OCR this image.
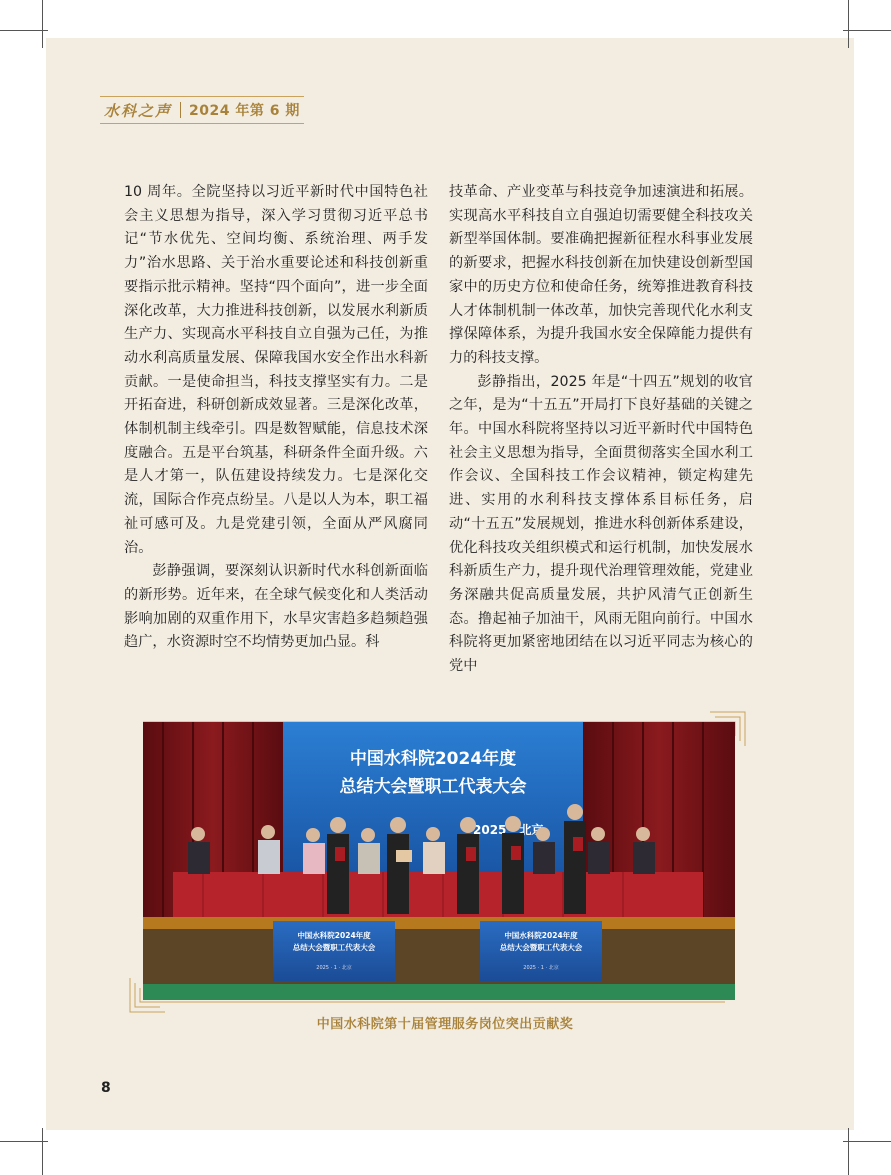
水科之声 2024 年第 6 期

10 周年。全院坚持以习近平新时代中国特色社会主义思想为指导，深入学习贯彻习近平总书记“节水优先、空间均衡、系统治理、两手发力”治水思路、关于治水重要论述和科技创新重要指示批示精神。坚持“四个面向”，进一步全面深化改革，大力推进科技创新，以发展水利新质生产力、实现高水平科技自立自强为己任，为推动水利高质量发展、保障我国水安全作出水科新贡献。一是使命担当，科技支撑坚实有力。二是开拓奋进，科研创新成效显著。三是深化改革，体制机制主线牵引。四是数智赋能，信息技术深度融合。五是平台筑基，科研条件全面升级。六是人才第一，队伍建设持续发力。七是深化交流，国际合作亮点纷呈。八是以人为本，职工福祉可感可及。九是党建引领，全面从严风腐同治。

彭静强调，要深刻认识新时代水科创新面临的新形势。近年来，在全球气候变化和人类活动影响加剧的双重作用下，水旱灾害趋多趋频趋强趋广，水资源时空不均情势更加凸显。科

技革命、产业变革与科技竞争加速演进和拓展。实现高水平科技自立自强迫切需要健全科技攻关新型举国体制。要准确把握新征程水科事业发展的新要求，把握水科技创新在加快建设创新型国家中的历史方位和使命任务，统筹推进教育科技人才体制机制一体改革，加快完善现代化水利支撑保障体系，为提升我国水安全保障能力提供有力的科技支撑。

彭静指出，2025 年是“十四五”规划的收官之年，是为“十五五”开局打下良好基础的关键之年。中国水科院将坚持以习近平新时代中国特色社会主义思想为指导，全面贯彻落实全国水利工作会议、全国科技工作会议精神，锁定构建先进、实用的水利科技支撑体系目标任务，启动“十五五”发展规划，推进水科创新体系建设，优化科技攻关组织模式和运行机制，加快发展水科新质生产力，提升现代治理管理效能，党建业务深融共促高质量发展，共护风清气正创新生态。撸起袖子加油干，风雨无阻向前行。中国水科院将更加紧密地团结在以习近平同志为核心的党中

中国水科院2024年度
总结大会暨职工代表大会
2025 北京
中国水科院2024年度
总结大会暨职工代表大会
2025 · 1 · 北京
中国水科院2024年度
总结大会暨职工代表大会
2025 · 1 · 北京
中国水科院第十届管理服务岗位突出贡献奖
8
